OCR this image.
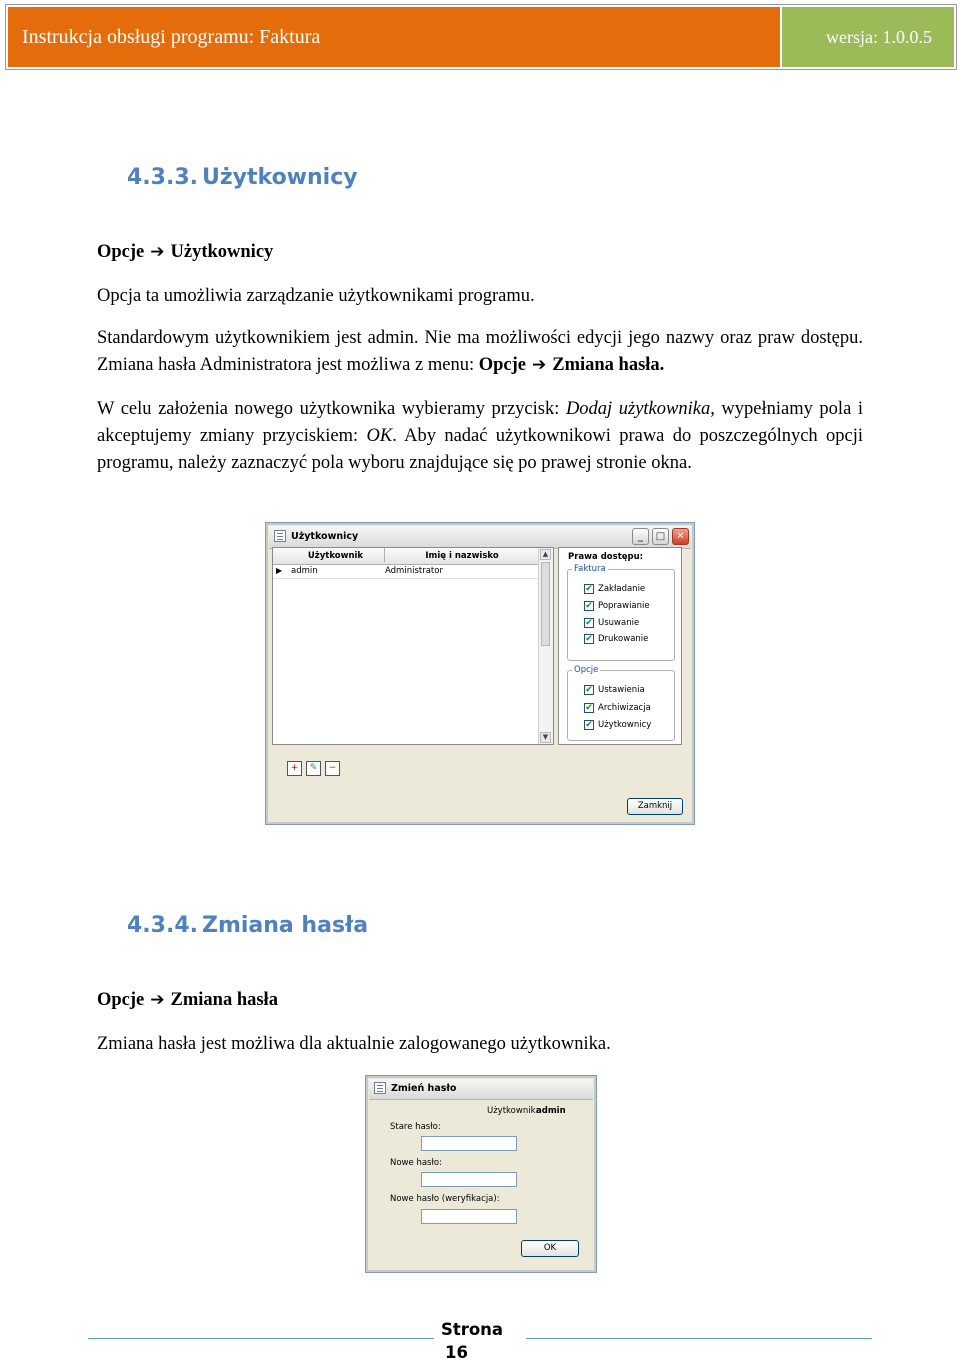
Instrukcja obsługi programu: Faktura	wersja: 1.0.0.5
4.3.3. Użytkownicy
Opcje ➔ Użytkownicy
Opcja ta umożliwia zarządzanie użytkownikami programu.
Standardowym użytkownikiem jest admin. Nie ma możliwości edycji jego nazwy oraz praw dostępu. Zmiana hasła Administratora jest możliwa z menu: Opcje ➔ Zmiana hasła.
W celu założenia nowego użytkownika wybieramy przycisk: Dodaj użytkownika, wypełniamy pola i akceptujemy zmiany przyciskiem: OK. Aby nadać użytkownikowi prawa do poszczególnych opcji programu, należy zaznaczyć pola wyboru znajdujące się po prawej stronie okna.
Użytkownicy	_	□	✕
Użytkownik	Imię i nazwisko
▶ admin	Administrator
▲
▼
Prawa dostępu:
Faktura
✔ Zakładanie
✔ Poprawianie
✔ Usuwanie
✔ Drukowanie
Opcje
✔ Ustawienia
✔ Archiwizacja
✔ Użytkownicy
+	✎	−
Zamknij
4.3.4. Zmiana hasła
Opcje ➔ Zmiana hasła
Zmiana hasła jest możliwa dla aktualnie zalogowanego użytkownika.
Zmień hasło
Użytkownik:
admin
Stare hasło:
Nowe hasło:
Nowe hasło (weryfikacja):
OK
Strona
16
